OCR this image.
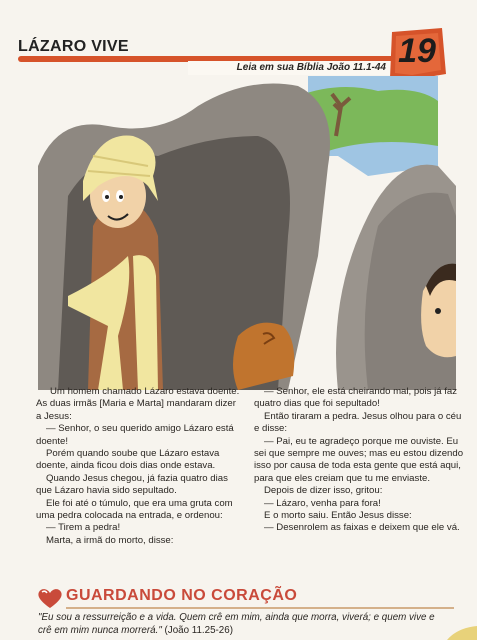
LÁZARO VIVE
Leia em sua Bíblia João 11.1-44 19

Um homem chamado Lázaro estava doente. As duas irmãs [Maria e Marta] mandaram dizer a Jesus:

— Senhor, o seu querido amigo Lázaro está doente!

Porém quando soube que Lázaro estava doente, ainda ficou dois dias onde estava.

Quando Jesus chegou, já fazia quatro dias que Lázaro havia sido sepultado.

Ele foi até o túmulo, que era uma gruta com uma pedra colocada na entrada, e ordenou:

— Tirem a pedra!

Marta, a irmã do morto, disse:

— Senhor, ele está cheirando mal, pois já faz quatro dias que foi sepultado!

Então tiraram a pedra. Jesus olhou para o céu e disse:

— Pai, eu te agradeço porque me ouviste. Eu sei que sempre me ouves; mas eu estou dizendo isso por causa de toda esta gente que está aqui, para que eles creiam que tu me enviaste.

Depois de dizer isso, gritou:

— Lázaro, venha para fora!

E o morto saiu. Então Jesus disse:

— Desenrolem as faixas e deixem que ele vá.

GUARDANDO NO CORAÇÃO
"Eu sou a ressurreição e a vida. Quem crê em mim, ainda que morra, viverá; e quem vive e crê em mim nunca morrerá." (João 11.25-26)
